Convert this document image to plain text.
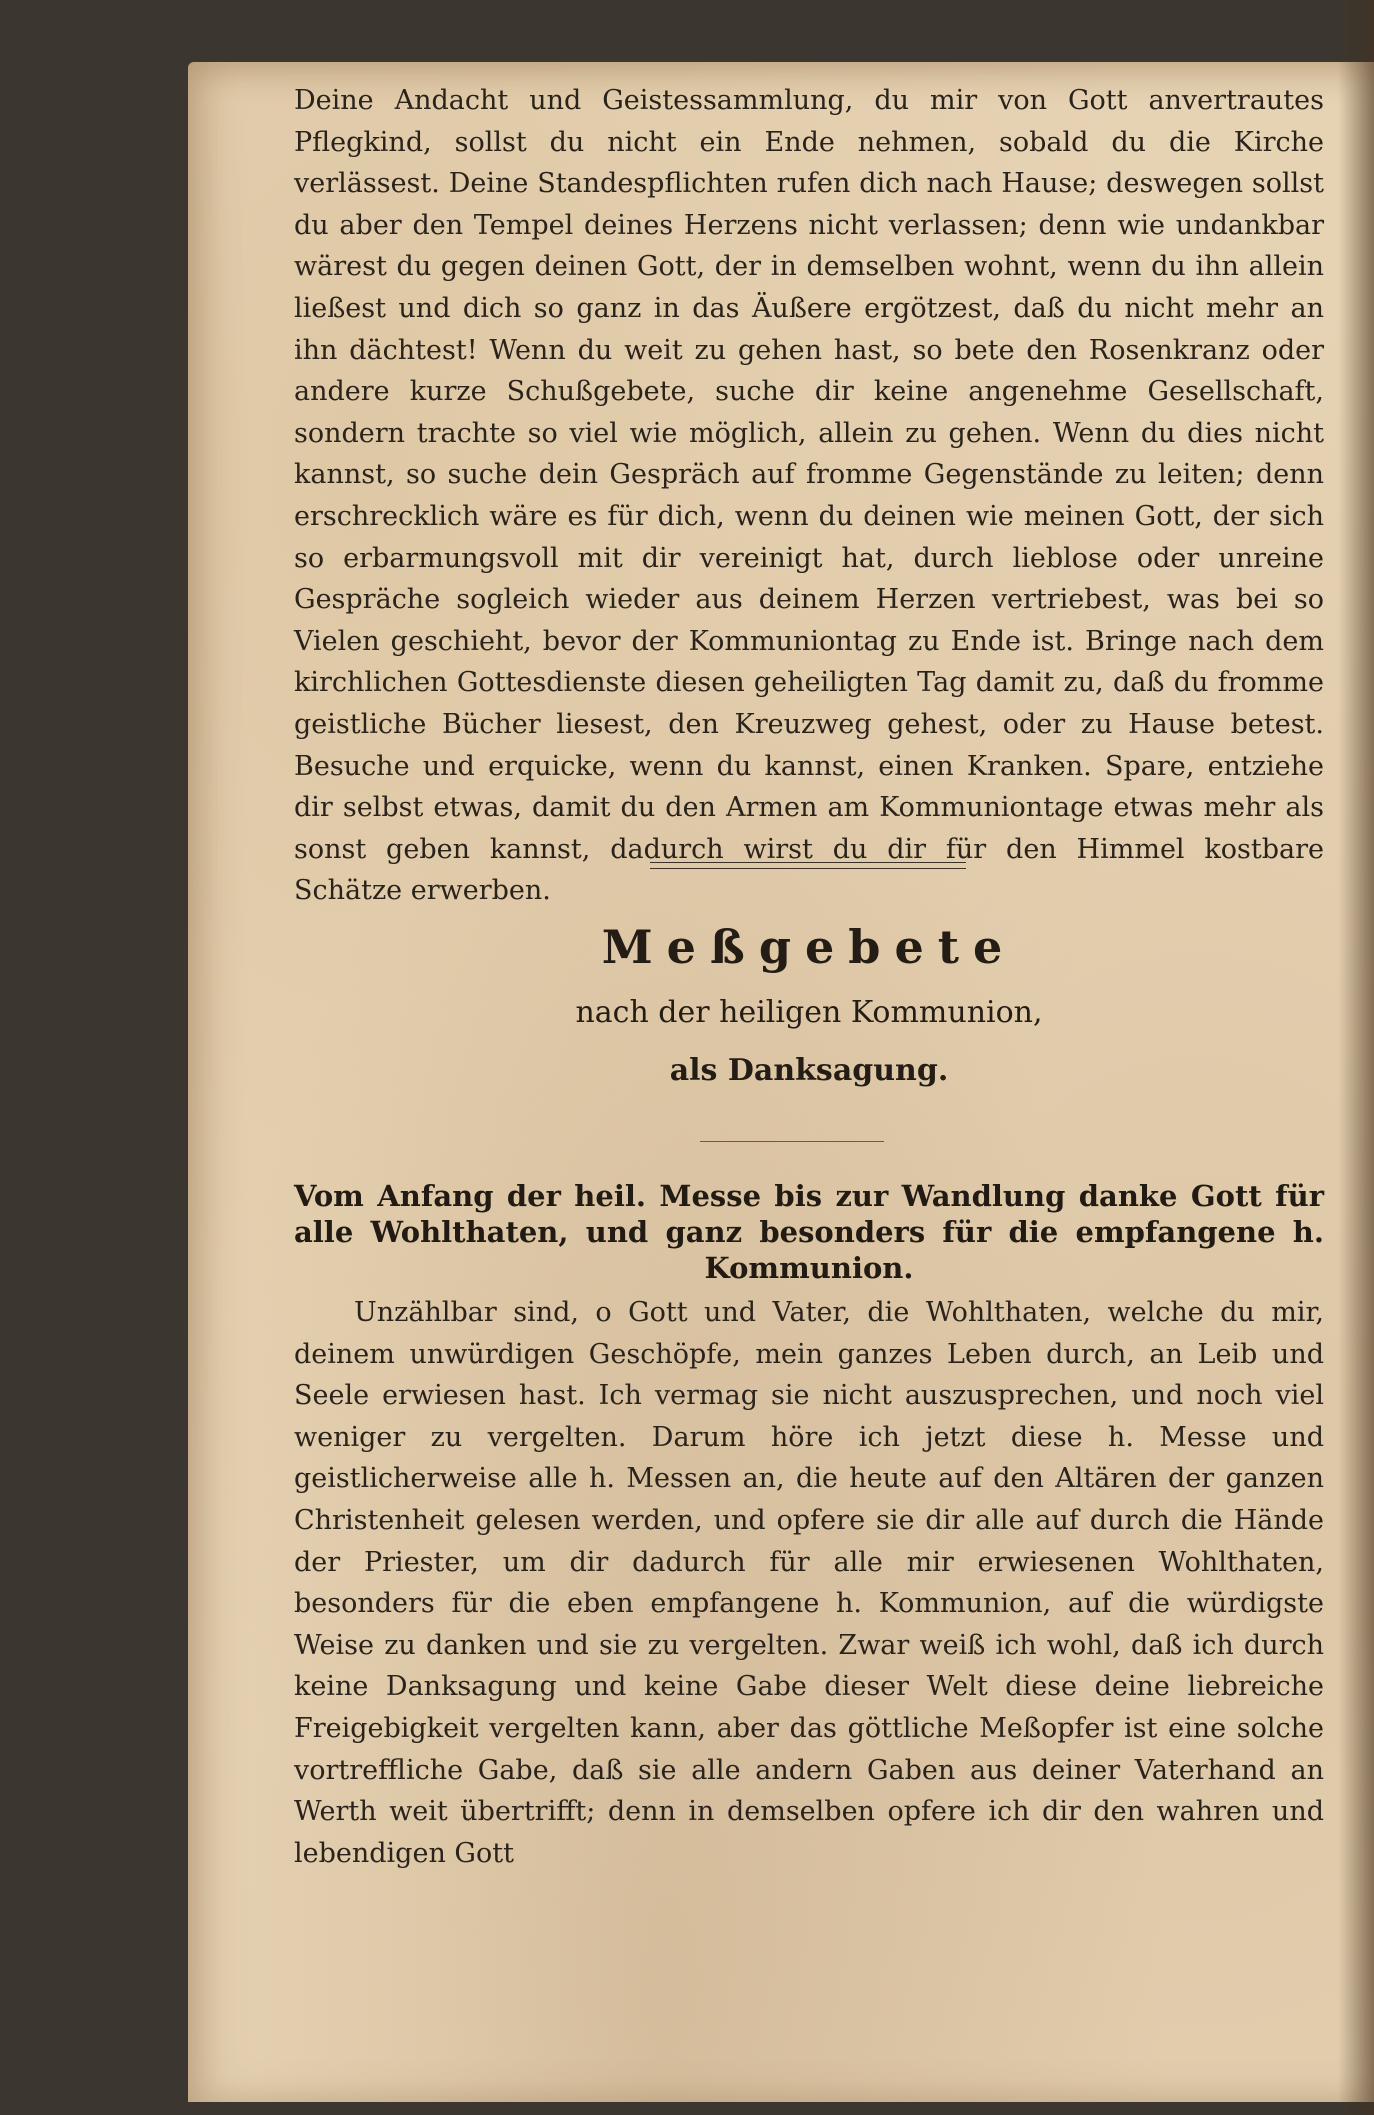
Deine Andacht und Geistessammlung, du mir von Gott anvertrautes Pflegkind, sollst du nicht ein Ende nehmen, sobald du die Kirche verlässest. Deine Standespflichten rufen dich nach Hause; deswegen sollst du aber den Tempel deines Herzens nicht verlassen; denn wie undankbar wärest du gegen deinen Gott, der in demselben wohnt, wenn du ihn allein ließest und dich so ganz in das Äußere ergötzest, daß du nicht mehr an ihn dächtest! Wenn du weit zu gehen hast, so bete den Rosenkranz oder andere kurze Schußgebete, suche dir keine angenehme Gesellschaft, sondern trachte so viel wie möglich, allein zu gehen. Wenn du dies nicht kannst, so suche dein Gespräch auf fromme Gegenstände zu leiten; denn erschrecklich wäre es für dich, wenn du deinen wie meinen Gott, der sich so erbarmungsvoll mit dir vereinigt hat, durch lieblose oder unreine Gespräche sogleich wieder aus deinem Herzen vertriebest, was bei so Vielen geschieht, bevor der Kommuniontag zu Ende ist. Bringe nach dem kirchlichen Gottesdienste diesen geheiligten Tag damit zu, daß du fromme geistliche Bücher liesest, den Kreuzweg gehest, oder zu Hause betest. Besuche und erquicke, wenn du kannst, einen Kranken. Spare, entziehe dir selbst etwas, damit du den Armen am Kommuniontage etwas mehr als sonst geben kannst, dadurch wirst du dir für den Himmel kostbare Schätze erwerben.

Meßgebete
nach der heiligen Kommunion,
als Danksagung.
Vom Anfang der heil. Messe bis zur Wandlung danke Gott für alle Wohlthaten, und ganz besonders für die empfangene h. Kommunion.

Unzählbar sind, o Gott und Vater, die Wohlthaten, welche du mir, deinem unwürdigen Geschöpfe, mein ganzes Leben durch, an Leib und Seele erwiesen hast. Ich vermag sie nicht auszusprechen, und noch viel weniger zu vergelten. Darum höre ich jetzt diese h. Messe und geistlicherweise alle h. Messen an, die heute auf den Altären der ganzen Christenheit gelesen werden, und opfere sie dir alle auf durch die Hände der Priester, um dir dadurch für alle mir erwiesenen Wohlthaten, besonders für die eben empfangene h. Kommunion, auf die würdigste Weise zu danken und sie zu vergelten. Zwar weiß ich wohl, daß ich durch keine Danksagung und keine Gabe dieser Welt diese deine liebreiche Freigebigkeit vergelten kann, aber das göttliche Meßopfer ist eine solche vortreffliche Gabe, daß sie alle andern Gaben aus deiner Vaterhand an Werth weit übertrifft; denn in demselben opfere ich dir den wahren und lebendigen Gott
